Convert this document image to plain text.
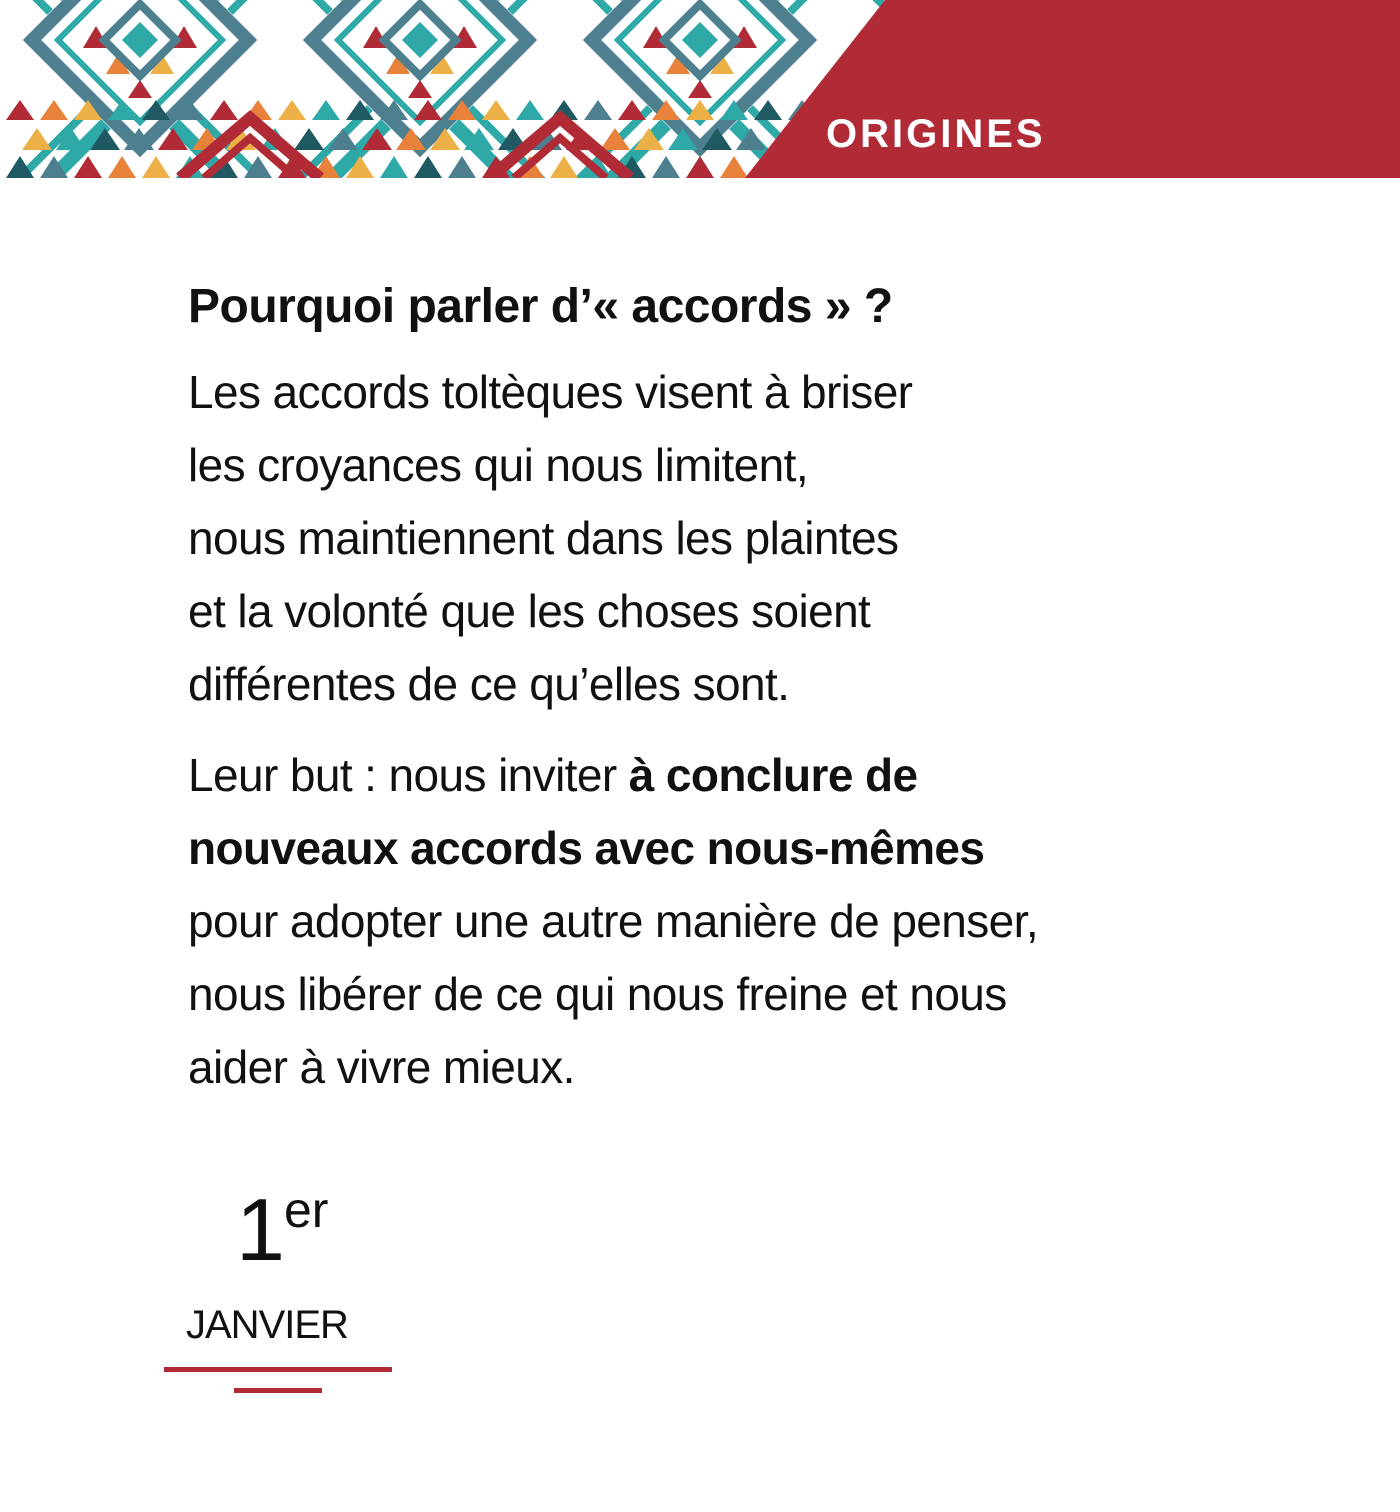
ORIGINES
Pourquoi parler d’« accords » ?

Les accords toltèques visent à briser
les croyances qui nous limitent,
nous maintiennent dans les plaintes
et la volonté que les choses soient
différentes de ce qu’elles sont.

Leur but : nous inviter à conclure de
nouveaux accords avec nous-mêmes
pour adopter une autre manière de penser,
nous libérer de ce qui nous freine et nous
aider à vivre mieux.

1 er
JANVIER
